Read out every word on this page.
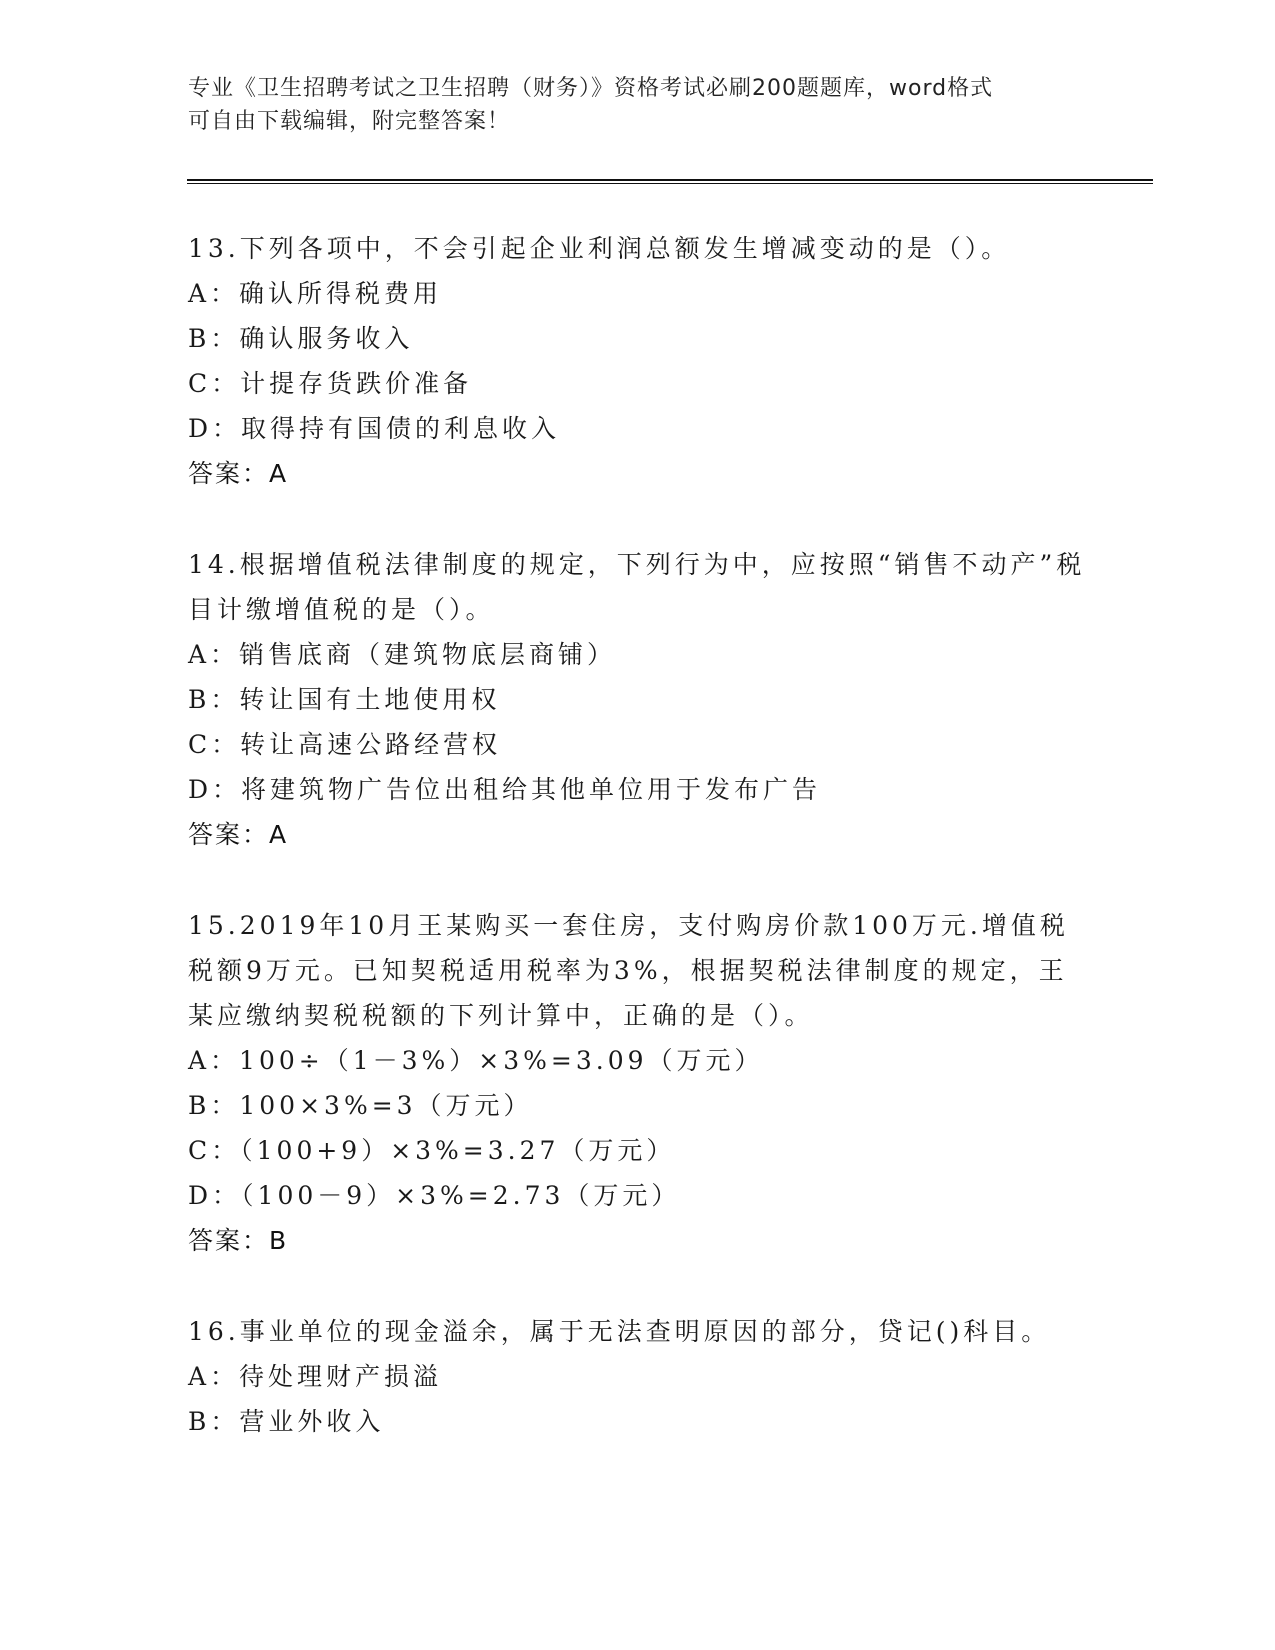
专业《卫生招聘考试之卫生招聘（财务）》资格考试必刷200题题库，word格式
可自由下载编辑，附完整答案！
13.下列各项中，不会引起企业利润总额发生增减变动的是（）。
A：确认所得税费用
B：确认服务收入
C：计提存货跌价准备
D：取得持有国债的利息收入
答案：A
14.根据增值税法律制度的规定，下列行为中，应按照“销售不动产”税目计缴增值税的是（）。
A：销售底商（建筑物底层商铺）
B：转让国有土地使用权
C：转让高速公路经营权
D：将建筑物广告位出租给其他单位用于发布广告
答案：A
15.2019年10月王某购买一套住房，支付购房价款100万元.增值税税额9万元。已知契税适用税率为3%，根据契税法律制度的规定，王某应缴纳契税税额的下列计算中，正确的是（）。
A：100÷（1－3%）×3%=3.09（万元）
B：100×3%=3（万元）
C：（100+9）×3%=3.27（万元）
D：（100－9）×3%=2.73（万元）
答案：B
16.事业单位的现金溢余，属于无法查明原因的部分，贷记()科目。
A：待处理财产损溢
B：营业外收入
